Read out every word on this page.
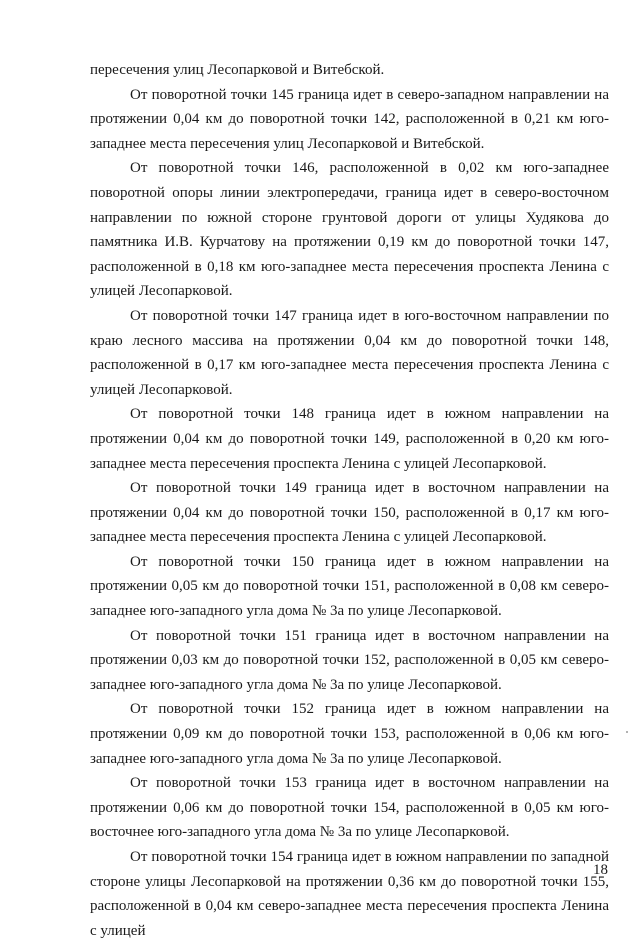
пересечения улиц Лесопарковой и Витебской.

От поворотной точки 145 граница идет в северо-западном направлении на протяжении 0,04 км до поворотной точки 142, расположенной в 0,21 км юго-западнее места пересечения улиц Лесопарковой и Витебской.

От поворотной точки 146, расположенной в 0,02 км юго-западнее поворотной опоры линии электропередачи, граница идет в северо-восточном направлении по южной стороне грунтовой дороги от улицы Худякова до памятника И.В. Курчатову на протяжении 0,19 км до поворотной точки 147, расположенной в 0,18 км юго-западнее места пересечения проспекта Ленина с улицей Лесопарковой.

От поворотной точки 147 граница идет в юго-восточном направлении по краю лесного массива на протяжении 0,04 км до поворотной точки 148, расположенной в 0,17 км юго-западнее места пересечения проспекта Ленина с улицей Лесопарковой.

От поворотной точки 148 граница идет в южном направлении на протяжении 0,04 км до поворотной точки 149, расположенной в 0,20 км юго-западнее места пересечения проспекта Ленина с улицей Лесопарковой.

От поворотной точки 149 граница идет в восточном направлении на протяжении 0,04 км до поворотной точки 150, расположенной в 0,17 км юго-западнее места пересечения проспекта Ленина с улицей Лесопарковой.

От поворотной точки 150 граница идет в южном направлении на протяжении 0,05 км до поворотной точки 151, расположенной в 0,08 км северо-западнее юго-западного угла дома № 3а по улице Лесопарковой.

От поворотной точки 151 граница идет в восточном направлении на протяжении 0,03 км до поворотной точки 152, расположенной в 0,05 км северо-западнее юго-западного угла дома № 3а по улице Лесопарковой.

От поворотной точки 152 граница идет в южном направлении на протяжении 0,09 км до поворотной точки 153, расположенной в 0,06 км юго-западнее юго-западного угла дома № 3а по улице Лесопарковой.

От поворотной точки 153 граница идет в восточном направлении на протяжении 0,06 км до поворотной точки 154, расположенной в 0,05 км юго-восточнее юго-западного угла дома № 3а по улице Лесопарковой.

От поворотной точки 154 граница идет в южном направлении по западной стороне улицы Лесопарковой на протяжении 0,36 км до поворотной точки 155, расположенной в 0,04 км северо-западнее места пересечения проспекта Ленина с улицей

18
